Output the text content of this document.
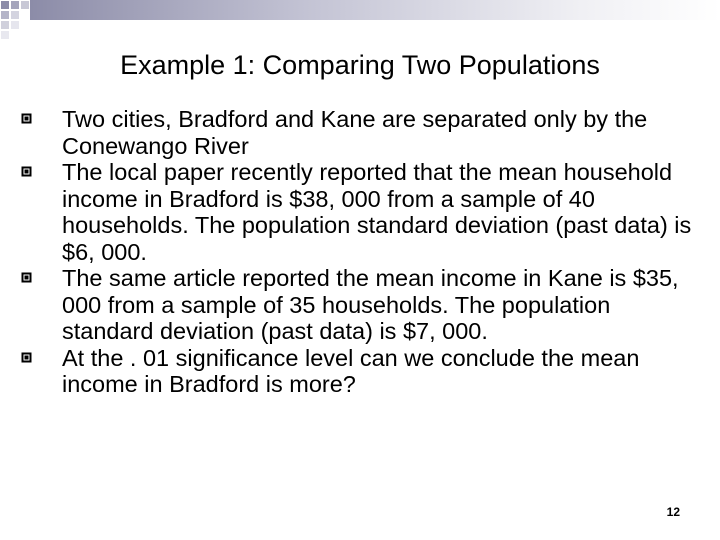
Example 1: Comparing Two Populations
Two cities, Bradford and Kane are separated only by the Conewango River
The local paper recently reported that the mean household income in Bradford is $38, 000 from a sample of 40 households. The population standard deviation (past data) is $6, 000.
The same article reported the mean income in Kane is $35, 000 from a sample of 35 households. The population standard deviation (past data) is $7, 000.
At the . 01 significance level can we conclude the mean income in Bradford is more?
12
